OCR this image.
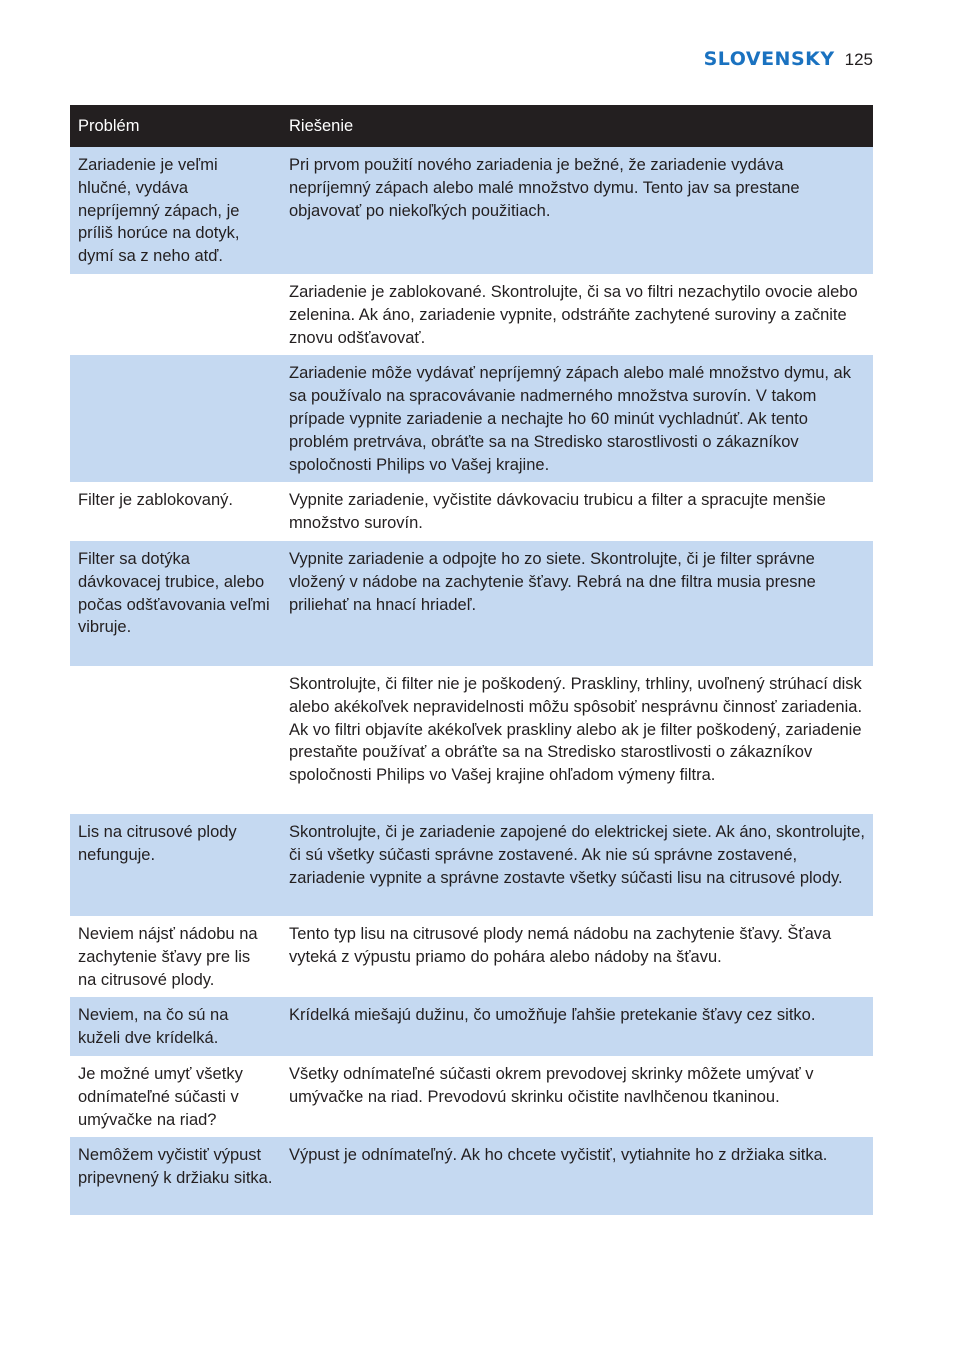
SLOVENSKY 125
Problém	Riešenie
Zariadenie je veľmi hlučné, vydáva nepríjemný zápach, je príliš horúce na dotyk, dymí sa z neho atď.	Pri prvom použití nového zariadenia je bežné, že zariadenie vydáva nepríjemný zápach alebo malé množstvo dymu. Tento jav sa prestane objavovať po niekoľkých použitiach.
	Zariadenie je zablokované. Skontrolujte, či sa vo filtri nezachytilo ovocie alebo zelenina. Ak áno, zariadenie vypnite, odstráňte zachytené suroviny a začnite znovu odšťavovať.
	Zariadenie môže vydávať nepríjemný zápach alebo malé množstvo dymu, ak sa používalo na spracovávanie nadmerného množstva surovín. V takom prípade vypnite zariadenie a nechajte ho 60 minút vychladnúť. Ak tento problém pretrváva, obráťte sa na Stredisko starostlivosti o zákazníkov spoločnosti Philips vo Vašej krajine.
Filter je zablokovaný.	Vypnite zariadenie, vyčistite dávkovaciu trubicu a filter a spracujte menšie množstvo surovín.
Filter sa dotýka dávkovacej trubice, alebo počas odšťavovania veľmi vibruje.	Vypnite zariadenie a odpojte ho zo siete. Skontrolujte, či je filter správne vložený v nádobe na zachytenie šťavy. Rebrá na dne filtra musia presne priliehať na hnací hriadeľ.
	Skontrolujte, či filter nie je poškodený. Praskliny, trhliny, uvoľnený strúhací disk alebo akékoľvek nepravidelnosti môžu spôsobiť nesprávnu činnosť zariadenia. Ak vo filtri objavíte akékoľvek praskliny alebo ak je filter poškodený, zariadenie prestaňte používať a obráťte sa na Stredisko starostlivosti o zákazníkov spoločnosti Philips vo Vašej krajine ohľadom výmeny filtra.
Lis na citrusové plody nefunguje.	Skontrolujte, či je zariadenie zapojené do elektrickej siete. Ak áno, skontrolujte, či sú všetky súčasti správne zostavené. Ak nie sú správne zostavené, zariadenie vypnite a správne zostavte všetky súčasti lisu na citrusové plody.
Neviem nájsť nádobu na zachytenie šťavy pre lis na citrusové plody.	Tento typ lisu na citrusové plody nemá nádobu na zachytenie šťavy. Šťava vyteká z výpustu priamo do pohára alebo nádoby na šťavu.
Neviem, na čo sú na kuželi dve krídelká.	Krídelká miešajú dužinu, čo umožňuje ľahšie pretekanie šťavy cez sitko.
Je možné umyť všetky odnímateľné súčasti v umývačke na riad?	Všetky odnímateľné súčasti okrem prevodovej skrinky môžete umývať v umývačke na riad. Prevodovú skrinku očistite navlhčenou tkaninou.
Nemôžem vyčistiť výpust pripevnený k držiaku sitka.	Výpust je odnímateľný. Ak ho chcete vyčistiť, vytiahnite ho z držiaka sitka.
